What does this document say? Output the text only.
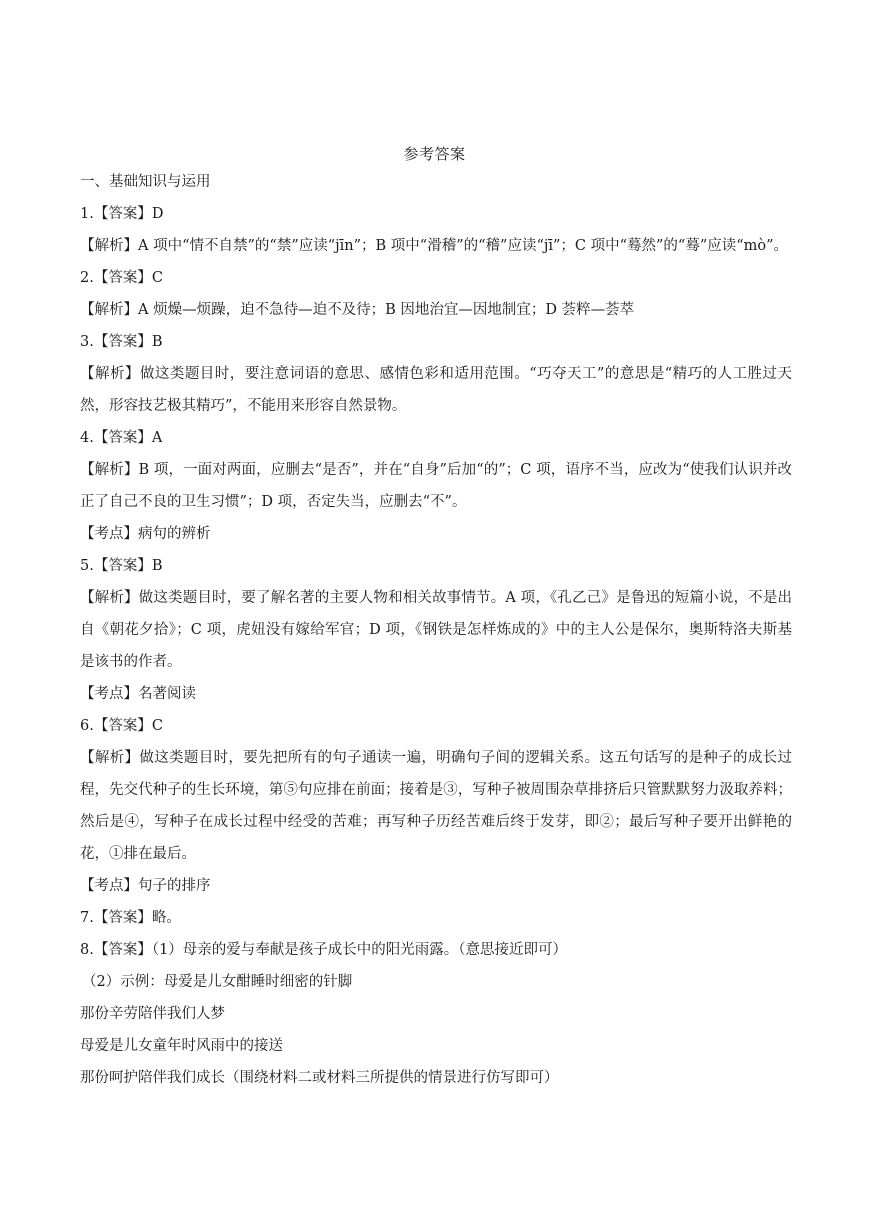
参考答案
一、基础知识与运用
1.【答案】D
【解析】A 项中“情不自禁”的“禁”应读“jīn”；B 项中“滑稽”的“稽”应读“jī”；C 项中“蓦然”的“蓦”应读“mò”。
2.【答案】C
【解析】A 烦燥—烦躁，迫不急待—迫不及待；B 因地治宜—因地制宜；D 荟粹—荟萃
3.【答案】B
【解析】做这类题目时，要注意词语的意思、感情色彩和适用范围。“巧夺天工”的意思是“精巧的人工胜过天然，形容技艺极其精巧”，不能用来形容自然景物。
4.【答案】A
【解析】B 项，一面对两面，应删去“是否”，并在“自身”后加“的”；C 项，语序不当，应改为“使我们认识并改正了自己不良的卫生习惯”；D 项，否定失当，应删去“不”。
【考点】病句的辨析
5.【答案】B
【解析】做这类题目时，要了解名著的主要人物和相关故事情节。A 项，《孔乙己》是鲁迅的短篇小说，不是出自《朝花夕拾》；C 项，虎妞没有嫁给军官；D 项，《钢铁是怎样炼成的》中的主人公是保尔，奥斯特洛夫斯基是该书的作者。
【考点】名著阅读
6.【答案】C
【解析】做这类题目时，要先把所有的句子通读一遍，明确句子间的逻辑关系。这五句话写的是种子的成长过程，先交代种子的生长环境，第⑤句应排在前面；接着是③，写种子被周围杂草排挤后只管默默努力汲取养料；然后是④，写种子在成长过程中经受的苦难；再写种子历经苦难后终于发芽，即②；最后写种子要开出鲜艳的花，①排在最后。
【考点】句子的排序
7.【答案】略。
8.【答案】（1）母亲的爱与奉献是孩子成长中的阳光雨露。（意思接近即可）
（2）示例：母爱是儿女酣睡时细密的针脚
那份辛劳陪伴我们人梦
母爱是儿女童年时风雨中的接送
那份呵护陪伴我们成长（围绕材料二或材料三所提供的情景进行仿写即可）
